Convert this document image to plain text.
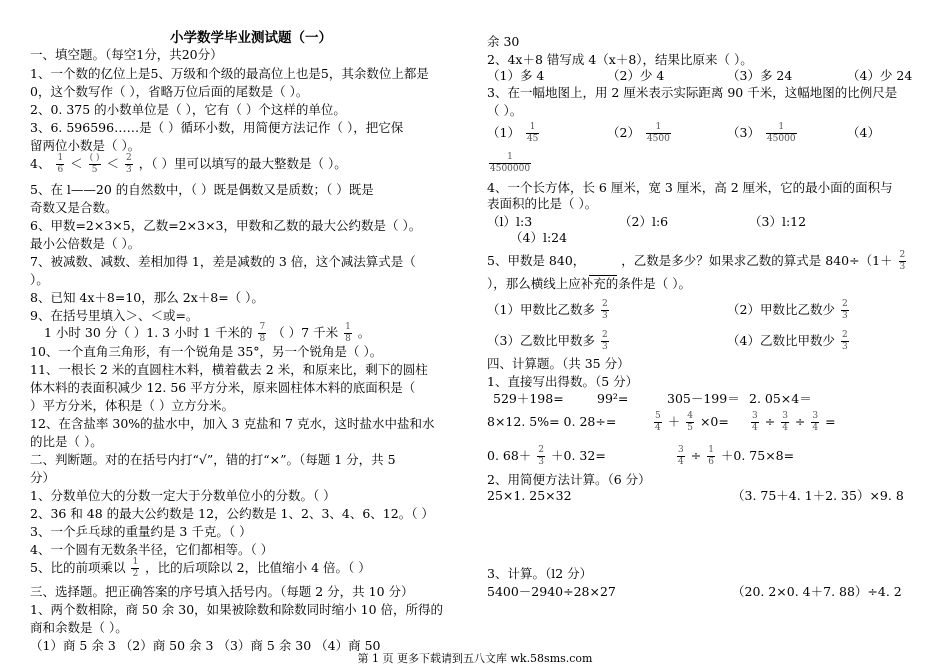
小学数学毕业测试题（一）
一、填空题。（每空1分，共20分）
1、一个数的亿位上是5、万级和个级的最高位上也是5，其余数位上都是
0，这个数写作（ ），省略万位后面的尾数是（ ）。
2、0. 375 的小数单位是（ ），它有（ ）个这样的单位。
3、6. 596596……是（ ）循环小数，用简便方法记作（ ），把它保
留两位小数是（ ）。
4、 $\frac{1}{6} < \frac{( )}{5} < \frac{2}{3}$ ，（ ）里可以填写的最大整数是（ ）。
5、在 l——20 的自然数中，（ ）既是偶数又是质数；（ ）既是
奇数又是合数。
6、甲数=2×3×5，乙数=2×3×3，甲数和乙数的最大公约数是（ ）。
最小公倍数是（ ）。
7、被减数、减数、差相加得 1，差是减数的 3 倍，这个减法算式是（
）。
8、已知 4x＋8=10，那么 2x＋8=（ ）。
9、在括号里填入＞、＜或=。
1 小时 30 分（ ）1. 3 小时 1 千米的 $\frac{7}{8}$ （ ）7 千米 $\frac{1}{8}$ 。
10、一个直角三角形，有一个锐角是 35°，另一个锐角是（ ）。
11、一根长 2 米的直圆柱木料，横着截去 2 米，和原来比，剩下的圆柱
体木料的表面积减少 12. 56 平方分米，原来圆柱体木料的底面积是（
）平方分米，体积是（ ）立方分米。
12、在含盐率 30%的盐水中，加入 3 克盐和 7 克水，这时盐水中盐和水
的比是（ ）。
二、判断题。对的在括号内打“√”，错的打“×”。（每题 1 分，共 5
分）
1、分数单位大的分数一定大于分数单位小的分数。（ ）
2、36 和 48 的最大公约数是 12，公约数是 1、2、3、4、6、12。（ ）
3、一个乒乓球的重量约是 3 千克。（ ）
4、一个圆有无数条半径，它们都相等。（ ）
5、比的前项乘以 $\frac{1}{2}$ ，比的后项除以 2，比值缩小 4 倍。（ ）
三、选择题。把正确答案的序号填入括号内。（每题 2 分，共 10 分）
1、两个数相除，商 50 余 30，如果被除数和除数同时缩小 10 倍，所得的
商和余数是（ ）。
（1）商 5 余 3 （2）商 50 余 3 （3）商 5 余 30 （4）商 50
余 30
2、4x＋8 错写成 4（x＋8），结果比原来（ ）。
（1）多 4	（2）少 4	（3）多 24	（4）少 24
3、在一幅地图上，用 2 厘米表示实际距离 90 千米，这幅地图的比例尺是
（ ）。
$(1) \frac{1}{45}$	$(2) \frac{1}{4500}$	$(3) \frac{1}{45000}$	（4）
$\frac{1}{4500000}$
4、一个长方体，长 6 厘米，宽 3 厘米，高 2 厘米，它的最小面的面积与
表面积的比是（ ）。
（l）l:3	（2）l:6	（3）l:12
（4）l:24
5、甲数是 840，	，乙数是多少？如果求乙数的算式是 $840\div(1+ \frac{2}{3}$
），那么横线上应补充的条件是（ ）。
（1）甲数比乙数多 $\frac{2}{3}$	（2）甲数比乙数少 $\frac{2}{3}$
（3）乙数比甲数多 $\frac{2}{3}$	（4）乙数比甲数少 $\frac{2}{3}$
四、计算题。（共 35 分）
1、直接写出得数。（5 分）
529＋198=	99²=	305－199＝ 2. 05×4＝
8×12. 5%= 0. 28÷=	$\frac{5}{4} + \frac{4}{5} \times 0= \frac{3}{4} \div \frac{3}{4} \div \frac{3}{4}$ =
0. $68+ \frac{2}{3} +0$. 32=	$\frac{3}{4} \div \frac{1}{6} +0$. 75×8=
2、用简便方法计算。（6 分）
25×1. 25×32	（3. 75＋4. 1＋2. 35）×9. 8
3、计算。（l2 分）
5400－2940÷28×27	（20. 2×0. 4＋7. 88）÷4. 2
第 1 页 更多下载请到五八文库 wk.58sms.com
